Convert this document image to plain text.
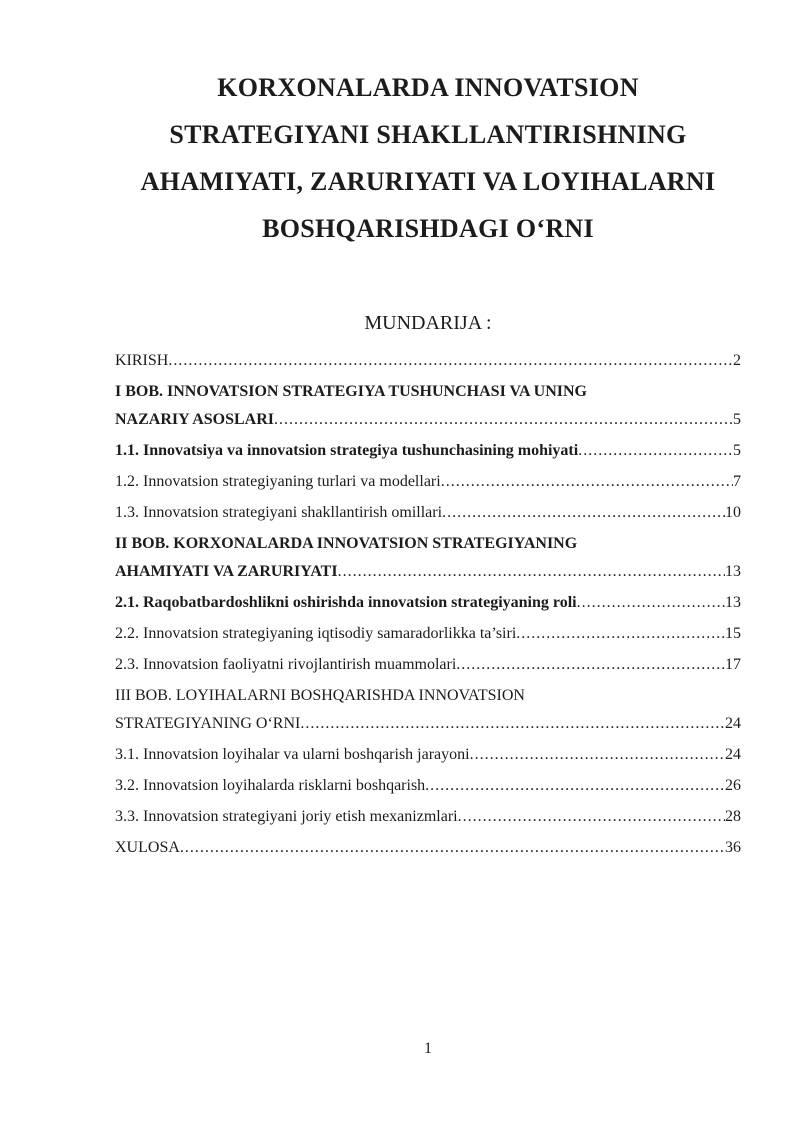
KORXONALARDA INNOVATSION
STRATEGIYANI SHAKLLANTIRISHNING
AHAMIYATI, ZARURIYATI VA LOYIHALARNI
BOSHQARISHDAGI O‘RNI
MUNDARIJA :
KIRISH .....	2
I BOB. INNOVATSION STRATEGIYA TUSHUNCHASI VA UNING
NAZARIY ASOSLARI .....	5
1.1. Innovatsiya va innovatsion strategiya tushunchasining mohiyati .....	5
1.2. Innovatsion strategiyaning turlari va modellari .....	7
1.3. Innovatsion strategiyani shakllantirish omillari .....	10
II BOB. KORXONALARDA INNOVATSION STRATEGIYANING
AHAMIYATI VA ZARURIYATI .....	13
2.1. Raqobatbardoshlikni oshirishda innovatsion strategiyaning roli .....	13
2.2. Innovatsion strategiyaning iqtisodiy samaradorlikka ta’siri .....	15
2.3. Innovatsion faoliyatni rivojlantirish muammolari .....	17
III BOB. LOYIHALARNI BOSHQARISHDA INNOVATSION
STRATEGIYANING O‘RNI .....	24
3.1. Innovatsion loyihalar va ularni boshqarish jarayoni .....	24
3.2. Innovatsion loyihalarda risklarni boshqarish .....	26
3.3. Innovatsion strategiyani joriy etish mexanizmlari .....	28
XULOSA .....	36
1
